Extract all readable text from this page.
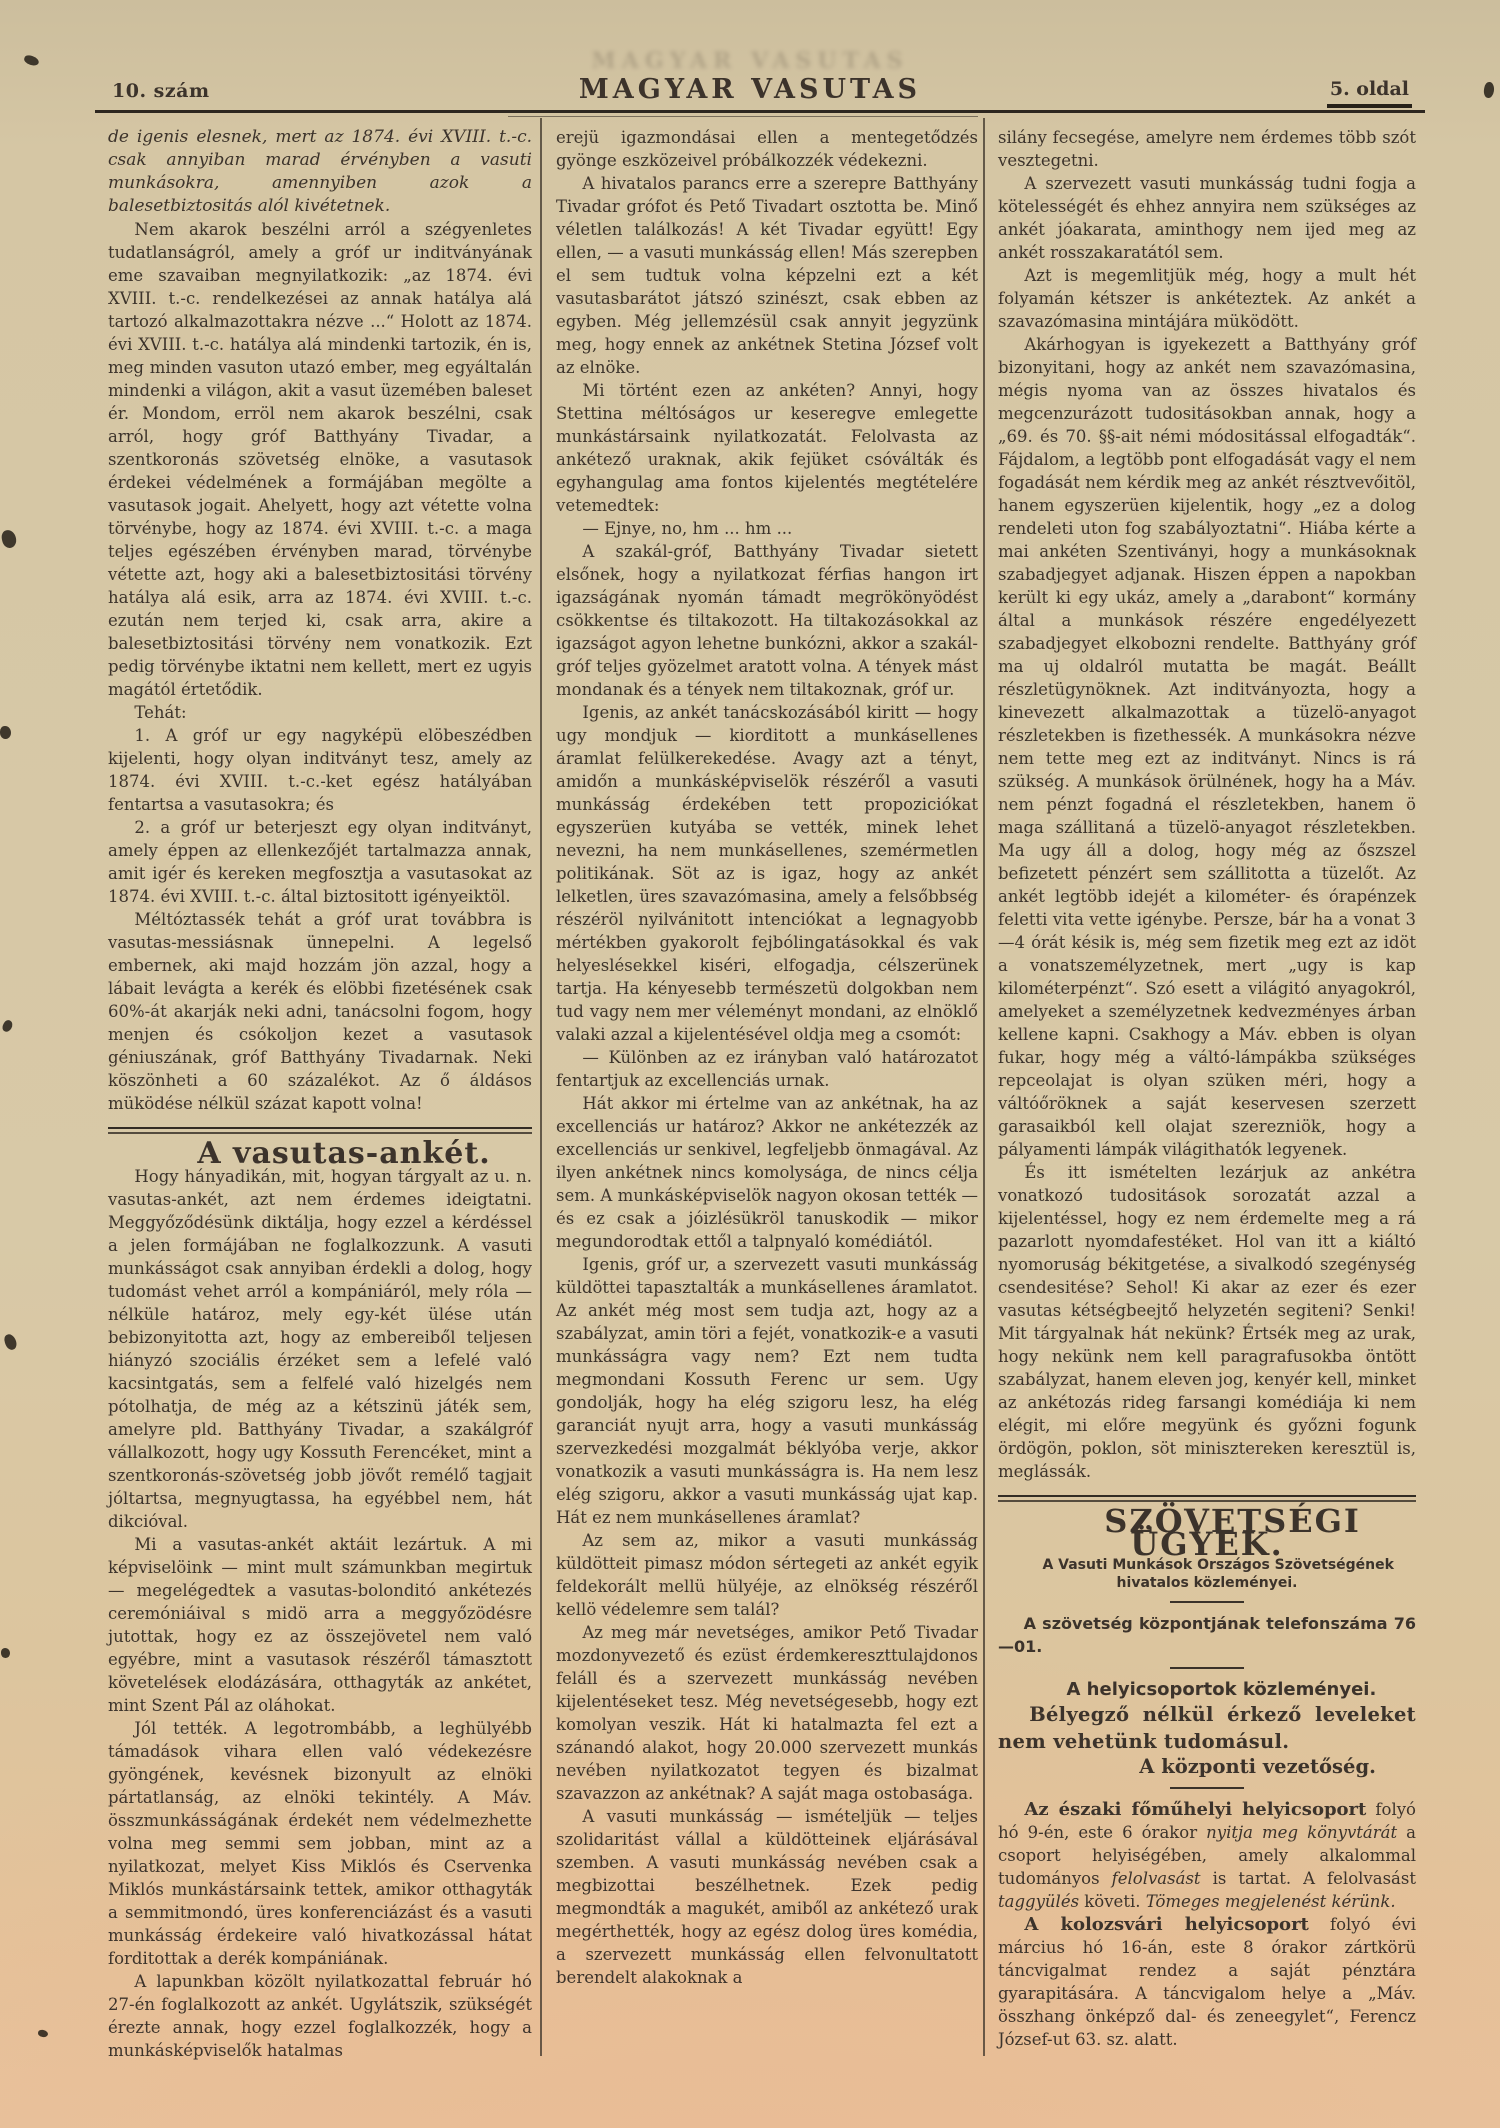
MAGYAR VASUTAS
10. szám	MAGYAR VASUTAS	5. oldal

de igenis elesnek, mert az 1874. évi XVIII. t.-c. csak annyiban marad érvényben a vasuti munkásokra, amennyiben azok a balesetbiztositás alól kivétetnek.

Nem akarok beszélni arról a szégyenletes tudatlanságról, amely a gróf ur inditványának eme szavaiban megnyilatkozik: „az 1874. évi XVIII. t.-c. rendelkezései az annak hatálya alá tartozó alkalmazottakra nézve ...“ Holott az 1874. évi XVIII. t.-c. hatálya alá mindenki tartozik, én is, meg minden vasuton utazó ember, meg egyáltalán mindenki a világon, akit a vasut üzemében baleset ér. Mondom, erröl nem akarok beszélni, csak arról, hogy gróf Batthyány Tivadar, a szentkoronás szövetség elnöke, a vasutasok érdekei védelmének a formájában megölte a vasutasok jogait. Ahelyett, hogy azt vétette volna törvénybe, hogy az 1874. évi XVIII. t.-c. a maga teljes egészében érvényben marad, törvénybe vétette azt, hogy aki a balesetbiztositási törvény hatálya alá esik, arra az 1874. évi XVIII. t.-c. ezután nem terjed ki, csak arra, akire a balesetbiztositási törvény nem vonatkozik. Ezt pedig törvénybe iktatni nem kellett, mert ez ugyis magától értetődik.

Tehát:

1. A gróf ur egy nagyképü elöbeszédben kijelenti, hogy olyan inditványt tesz, amely az 1874. évi XVIII. t.-c.-ket egész hatályában fentartsa a vasutasokra; és

2. a gróf ur beterjeszt egy olyan inditványt, amely éppen az ellenkezőjét tartalmazza annak, amit igér és kereken megfosztja a vasutasokat az 1874. évi XVIII. t.-c. által biztositott igényeiktöl.

Méltóztassék tehát a gróf urat továbbra is vasutas-messiásnak ünnepelni. A legelső embernek, aki majd hozzám jön azzal, hogy a lábait levágta a kerék és elöbbi fizetésének csak 60%-át akarják neki adni, tanácsolni fogom, hogy menjen és csókoljon kezet a vasutasok géniuszának, gróf Batthyány Tivadarnak. Neki köszönheti a 60 százalékot. Az ő áldásos müködése nélkül százat kapott volna!

A vasutas-ankét.

Hogy hányadikán, mit, hogyan tárgyalt az u. n. vasutas-ankét, azt nem érdemes ideigtatni. Meggyőződésünk diktálja, hogy ezzel a kérdéssel a jelen formájában ne foglalkozzunk. A vasuti munkásságot csak annyiban érdekli a dolog, hogy tudomást vehet arról a kompániáról, mely róla — nélküle határoz, mely egy-két ülése után bebizonyitotta azt, hogy az embereiből teljesen hiányzó szociális érzéket sem a lefelé való kacsintgatás, sem a felfelé való hizelgés nem pótolhatja, de még az a kétszinü játék sem, amelyre pld. Batthyány Tivadar, a szakálgróf vállalkozott, hogy ugy Kossuth Ferencéket, mint a szentkoronás-szövetség jobb jövőt remélő tagjait jóltartsa, megnyugtassa, ha egyébbel nem, hát dikcióval.

Mi a vasutas-ankét aktáit lezártuk. A mi képviselöink — mint mult számunkban megirtuk — megelégedtek a vasutas-bolonditó ankétezés ceremóniáival s midö arra a meggyőzödésre jutottak, hogy ez az összejövetel nem való egyébre, mint a vasutasok részéről támasztott követelések elodázására, otthagyták az ankétet, mint Szent Pál az oláhokat.

Jól tették. A legotrombább, a leghülyébb támadások vihara ellen való védekezésre gyöngének, kevésnek bizonyult az elnöki pártatlanság, az elnöki tekintély. A Máv. összmunkásságának érdekét nem védelmezhette volna meg semmi sem jobban, mint az a nyilatkozat, melyet Kiss Miklós és Cservenka Miklós munkástársaink tettek, amikor otthagyták a semmitmondó, üres konferenciázást és a vasuti munkásság érdekeire való hivatkozással hátat forditottak a derék kompániának.

A lapunkban közölt nyilatkozattal február hó 27-én foglalkozott az ankét. Ugylátszik, szükségét érezte annak, hogy ezzel foglalkozzék, hogy a munkásképviselők hatalmas

erejü igazmondásai ellen a mentegetődzés gyönge eszközeivel próbálkozzék védekezni.

A hivatalos parancs erre a szerepre Batthyány Tivadar grófot és Pető Tivadart osztotta be. Minő véletlen találkozás! A két Tivadar együtt! Egy ellen, — a vasuti munkásság ellen! Más szerepben el sem tudtuk volna képzelni ezt a két vasutasbarátot játszó szinészt, csak ebben az egyben. Még jellemzésül csak annyit jegyzünk meg, hogy ennek az ankétnek Stetina József volt az elnöke.

Mi történt ezen az ankéten? Annyi, hogy Stettina méltóságos ur keseregve emlegette munkástársaink nyilatkozatát. Felolvasta az ankétező uraknak, akik fejüket csóválták és egyhangulag ama fontos kijelentés megtételére vetemedtek:

— Ejnye, no, hm ... hm ...

A szakál-gróf, Batthyány Tivadar sietett elsőnek, hogy a nyilatkozat férfias hangon irt igazságának nyomán támadt megrökönyödést csökkentse és tiltakozott. Ha tiltakozásokkal az igazságot agyon lehetne bunkózni, akkor a szakál-gróf teljes gyözelmet aratott volna. A tények mást mondanak és a tények nem tiltakoznak, gróf ur.

Igenis, az ankét tanácskozásából kiritt — hogy ugy mondjuk — kiorditott a munkásellenes áramlat felülkerekedése. Avagy azt a tényt, amidőn a munkásképviselök részéről a vasuti munkásság érdekében tett propoziciókat egyszerüen kutyába se vették, minek lehet nevezni, ha nem munkásellenes, szemérmetlen politikának. Söt az is igaz, hogy az ankét lelketlen, üres szavazómasina, amely a felsőbbség részéröl nyilvánitott intenciókat a legnagyobb mértékben gyakorolt fejbólingatásokkal és vak helyeslésekkel kiséri, elfogadja, célszerünek tartja. Ha kényesebb természetü dolgokban nem tud vagy nem mer véleményt mondani, az elnöklő valaki azzal a kijelentésével oldja meg a csomót:

— Különben az ez irányban való határozatot fentartjuk az excellenciás urnak.

Hát akkor mi értelme van az ankétnak, ha az excellenciás ur határoz? Akkor ne ankétezzék az excellenciás ur senkivel, legfeljebb önmagával. Az ilyen ankétnek nincs komolysága, de nincs célja sem. A munkásképviselök nagyon okosan tették — és ez csak a jóizlésükröl tanuskodik — mikor megundorodtak ettől a talpnyaló komédiától.

Igenis, gróf ur, a szervezett vasuti munkásság küldöttei tapasztalták a munkásellenes áramlatot. Az ankét még most sem tudja azt, hogy az a szabályzat, amin töri a fejét, vonatkozik-e a vasuti munkásságra vagy nem? Ezt nem tudta megmondani Kossuth Ferenc ur sem. Ugy gondolják, hogy ha elég szigoru lesz, ha elég garanciát nyujt arra, hogy a vasuti munkásság szervezkedési mozgalmát béklyóba verje, akkor vonatkozik a vasuti munkásságra is. Ha nem lesz elég szigoru, akkor a vasuti munkásság ujat kap. Hát ez nem munkásellenes áramlat?

Az sem az, mikor a vasuti munkásság küldötteit pimasz módon sértegeti az ankét egyik feldekorált mellü hülyéje, az elnökség részéről kellö védelemre sem talál?

Az meg már nevetséges, amikor Pető Tivadar mozdonyvezető és ezüst érdemkereszttulajdonos feláll és a szervezett munkásság nevében kijelentéseket tesz. Még nevetségesebb, hogy ezt komolyan veszik. Hát ki hatalmazta fel ezt a szánandó alakot, hogy 20.000 szervezett munkás nevében nyilatkozatot tegyen és bizalmat szavazzon az ankétnak? A saját maga ostobasága.

A vasuti munkásság — ismételjük — teljes szolidaritást vállal a küldötteinek eljárásával szemben. A vasuti munkásság nevében csak a megbizottai beszélhetnek. Ezek pedig megmondták a magukét, amiből az ankétező urak megérthették, hogy az egész dolog üres komédia, a szervezett munkásság ellen felvonultatott berendelt alakoknak a

silány fecsegése, amelyre nem érdemes több szót vesztegetni.

A szervezett vasuti munkásság tudni fogja a kötelességét és ehhez annyira nem szükséges az ankét jóakarata, aminthogy nem ijed meg az ankét rosszakaratától sem.

Azt is megemlitjük még, hogy a mult hét folyamán kétszer is ankéteztek. Az ankét a szavazómasina mintájára müködött.

Akárhogyan is igyekezett a Batthyány gróf bizonyitani, hogy az ankét nem szavazómasina, mégis nyoma van az összes hivatalos és megcenzurázott tudositásokban annak, hogy a „69. és 70. §§-ait némi módositással elfogadták“. Fájdalom, a legtöbb pont elfogadását vagy el nem fogadását nem kérdik meg az ankét résztvevőitöl, hanem egyszerüen kijelentik, hogy „ez a dolog rendeleti uton fog szabályoztatni“. Hiába kérte a mai ankéten Szentiványi, hogy a munkásoknak szabadjegyet adjanak. Hiszen éppen a napokban került ki egy ukáz, amely a „darabont“ kormány által a munkások részére engedélyezett szabadjegyet elkobozni rendelte. Batthyány gróf ma uj oldalról mutatta be magát. Beállt részletügynöknek. Azt inditványozta, hogy a kinevezett alkalmazottak a tüzelö-anyagot részletekben is fizethessék. A munkásokra nézve nem tette meg ezt az inditványt. Nincs is rá szükség. A munkások örülnének, hogy ha a Máv. nem pénzt fogadná el részletekben, hanem ö maga szállitaná a tüzelö-anyagot részletekben. Ma ugy áll a dolog, hogy még az őszszel befizetett pénzért sem szállitotta a tüzelőt. Az ankét legtöbb idejét a kilométer- és órapénzek feletti vita vette igénybe. Persze, bár ha a vonat 3—4 órát késik is, még sem fizetik meg ezt az idöt a vonatszemélyzetnek, mert „ugy is kap kilométerpénzt“. Szó esett a világitó anyagokról, amelyeket a személyzetnek kedvezményes árban kellene kapni. Csakhogy a Máv. ebben is olyan fukar, hogy még a váltó-lámpákba szükséges repceolajat is olyan szüken méri, hogy a váltóőröknek a saját keservesen szerzett garasaikból kell olajat szerezniök, hogy a pályamenti lámpák világithatók legyenek.

És itt ismételten lezárjuk az ankétra vonatkozó tudositások sorozatát azzal a kijelentéssel, hogy ez nem érdemelte meg a rá pazarlott nyomdafestéket. Hol van itt a kiáltó nyomoruság békitgetése, a sivalkodó szegénység csendesitése? Sehol! Ki akar az ezer és ezer vasutas kétségbeejtő helyzetén segiteni? Senki! Mit tárgyalnak hát nekünk? Értsék meg az urak, hogy nekünk nem kell paragrafusokba öntött szabályzat, hanem eleven jog, kenyér kell, minket az ankétozás rideg farsangi komédiája ki nem elégit, mi előre megyünk és győzni fogunk ördögön, poklon, söt minisztereken keresztül is, meglássák.

SZÖVETSÉGI ÜGYEK.

A Vasuti Munkások Országos Szövetségének hivatalos közleményei.

A szövetség központjának telefonszáma 76—01.

A helyicsoportok közleményei.

Bélyegző nélkül érkező leveleket nem vehetünk tudomásul.

A központi vezetőség.

Az északi főműhelyi helyicsoport folyó hó 9-én, este 6 órakor nyitja meg könyvtárát a csoport helyiségében, amely alkalommal tudományos felolvasást is tartat. A felolvasást taggyülés követi. Tömeges megjelenést kérünk.

A kolozsvári helyicsoport folyó évi március hó 16-án, este 8 órakor zártkörü táncvigalmat rendez a saját pénztára gyarapitására. A táncvigalom helye a „Máv. összhang önképző dal- és zeneegylet“, Ferencz József-ut 63. sz. alatt.
